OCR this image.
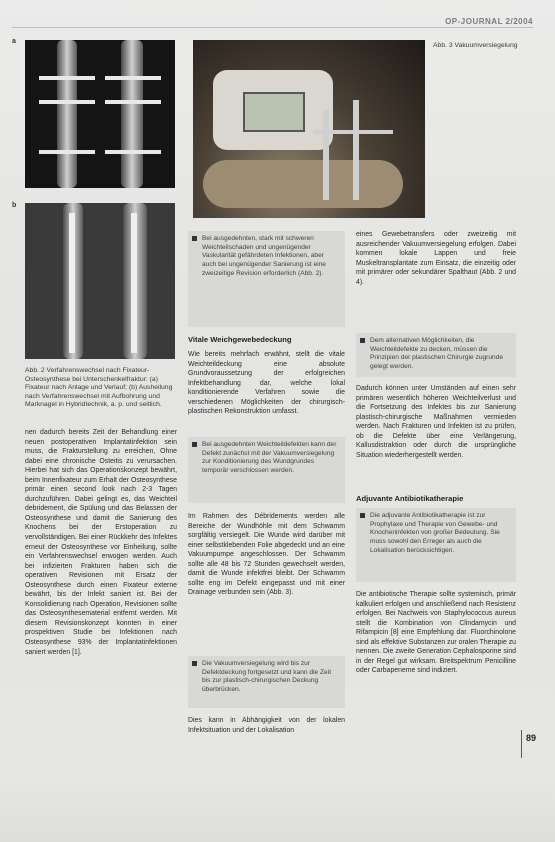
OP-JOURNAL 2/2004
a
b
Abb. 2 Verfahrenswechsel nach Fixateur-Osteosynthese bei Unterschenkelfraktur: (a) Fixateur nach Anlage und Verlauf; (b) Ausheilung nach Verfahrenswechsel mit Aufbohrung und Marknagel in Hybridtechnik, a. p. und seitlich.
Abb. 3 Vakuumversiegelung

nen dadurch bereits Zeit der Behandlung einer neuen postoperativen Implantatinfektion sein muss, die Frakturstellung zu erreichen, Ohne dabei eine chronische Osteitis zu verursachen. Hierbei hat sich das Operationskonzept bewährt, beim Innenfixateur zum Erhalt der Osteosynthese primär einen second look nach 2-3 Tagen durchzuführen. Dabei gelingt es, das Weichteil debridement, die Spülung und das Belassen der Osteosynthese und damit die Sanierung des Knochens bei der Erstoperation zu vervollständigen. Bei einer Rückkehr des Infektes erneut der Osteosynthese vor Einheilung, sollte ein Verfahrenswechsel erwogen werden. Auch bei infizierten Frakturen haben sich die operativen Revisionen mit Ersatz der Osteosynthese durch einen Fixateur externe bewährt, bis der Infekt saniert ist. Bei der Konsolidierung nach Operation, Revisionen sollte das Osteosynthesematerial entfernt werden. Mit diesem Revisionskonzept konnten in einer prospektiven Studie bei Infektionen nach Osteosynthese 93% der Implantatinfektionen saniert werden [1].

Bei ausgedehnten, stark mit schweren Weichteilschaden und ungenügender Vaskularität gefährdeten Infektionen, aber auch bei ungenügender Sanierung ist eine zweizeitige Revision erforderlich (Abb. 2).
Vitale Weichgewebedeckung
Wie bereits mehrfach erwähnt, stellt die vitale Weichteildeckung eine absolute Grundvoraussetzung der erfolgreichen Infektbehandlung dar, welche lokal konditionierende Verfahren sowie die verschiedenen Möglichkeiten der chirurgisch-plastischen Rekonstruktion umfasst.
Bei ausgedehnten Weichteildefekten kann der Defekt zunächst mit der Vakuumversiegelung zur Konditionierung des Wundgrundes temporär verschlossen werden.
Im Rahmen des Débridements werden alle Bereiche der Wundhöhle mit dem Schwamm sorgfältig versiegelt. Die Wunde wird darüber mit einer selbstklebenden Folie abgedeckt und an eine Vakuumpumpe angeschlossen. Der Schwamm sollte alle 48 bis 72 Stunden gewechselt werden, damit die Wunde infektfrei bleibt. Der Schwamm sollte eng im Defekt eingepasst und mit einer Drainage verbunden sein (Abb. 3).
Die Vakuumversiegelung wird bis zur Defektdeckung fortgesetzt und kann die Zeit bis zur plastisch-chirurgischen Deckung überbrücken.
Dies kann in Abhängigkeit von der lokalen Infektsituation und der Lokalisation
eines Gewebetransfers oder zweizeitig mit ausreichender Vakuumversiegelung erfolgen. Dabei kommen lokale Lappen und freie Muskeltransplantate zum Einsatz, die einzeitig oder mit primärer oder sekundärer Spalthaut (Abb. 2 und 4).
Dem alternativen Möglichkeiten, die Weichteildefekte zu decken, müssen die Prinzipien der plastischen Chirurgie zugrunde gelegt werden.
Dadurch können unter Umständen auf einen sehr primären wesentlich höheren Weichteilverlust und die Fortsetzung des Infektes bis zur Sanierung plastisch-chirurgische Maßnahmen vermieden werden. Nach Frakturen und Infekten ist zu prüfen, ob die Defekte über eine Verlängerung, Kallusdistraktion oder durch die ursprüngliche Situation wiederhergestellt werden.
Adjuvante Antibiotikatherapie
Die adjuvante Antibiotikatherapie ist zur Prophylaxe und Therapie von Gewebe- und Knocheninfekten von großer Bedeutung. Sie muss sowohl den Erreger als auch die Lokalisation berücksichtigen.
Die antibiotische Therapie sollte systemisch, primär kalkuliert erfolgen und anschließend nach Resistenz erfolgen. Bei Nachweis von Staphylococcus aureus stellt die Kombination von Clindamycin und Rifampicin [8] eine Empfehlung dar. Fluorchinolone sind als effektive Substanzen zur oralen Therapie zu nennen. Die zweite Generation Cephalosporine sind in der Regel gut wirksam. Breitspektrum Penicilline oder Carbapeneme sind indiziert.
89
